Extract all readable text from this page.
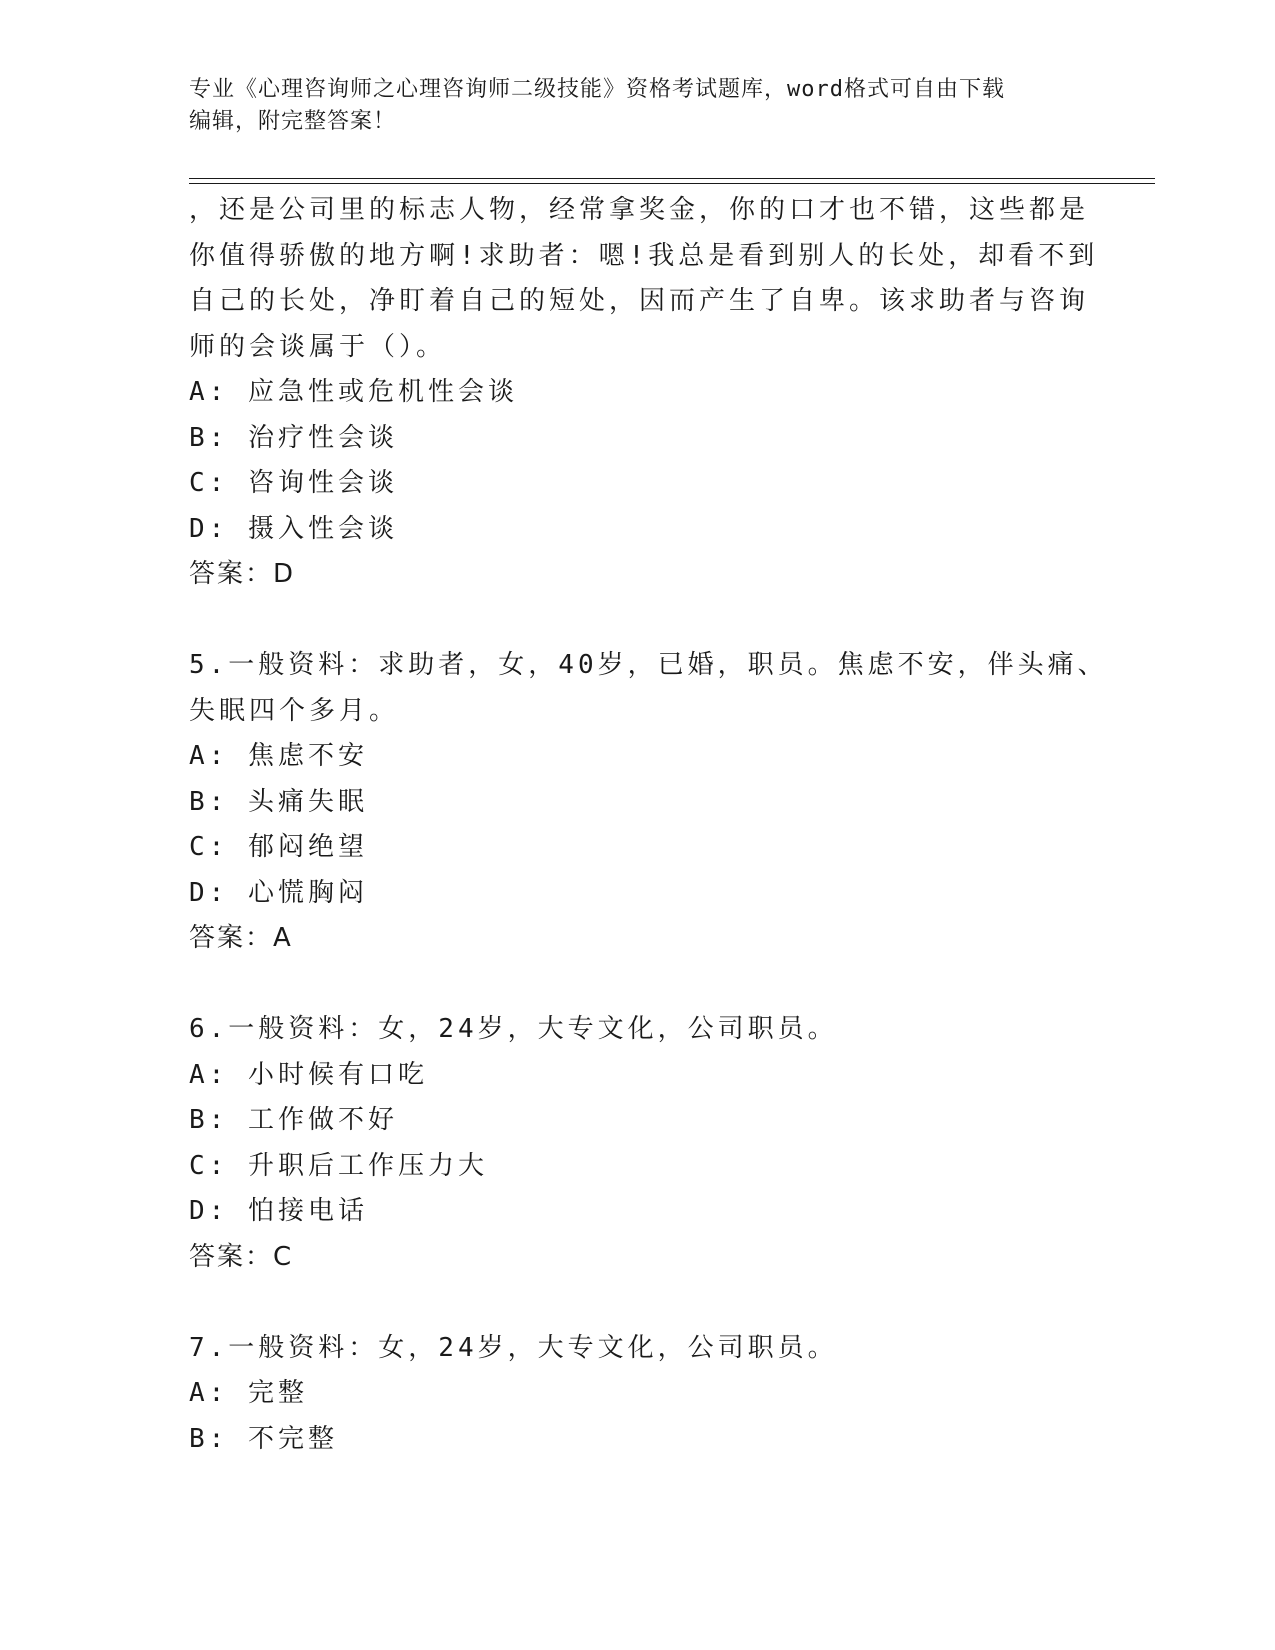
专业《心理咨询师之心理咨询师二级技能》资格考试题库，word格式可自由下载
编辑，附完整答案！
，还是公司里的标志人物，经常拿奖金，你的口才也不错，这些都是
你值得骄傲的地方啊!求助者：嗯!我总是看到别人的长处，却看不到
自己的长处，净盯着自己的短处，因而产生了自卑。该求助者与咨询
师的会谈属于（）。
A: 应急性或危机性会谈
B: 治疗性会谈
C: 咨询性会谈
D: 摄入性会谈
答案：D
5.一般资料：求助者，女，40岁，已婚，职员。焦虑不安，伴头痛、
失眠四个多月。
A: 焦虑不安
B: 头痛失眠
C: 郁闷绝望
D: 心慌胸闷
答案：A
6.一般资料：女，24岁，大专文化，公司职员。
A: 小时候有口吃
B: 工作做不好
C: 升职后工作压力大
D: 怕接电话
答案：C
7.一般资料：女，24岁，大专文化，公司职员。
A: 完整
B: 不完整
